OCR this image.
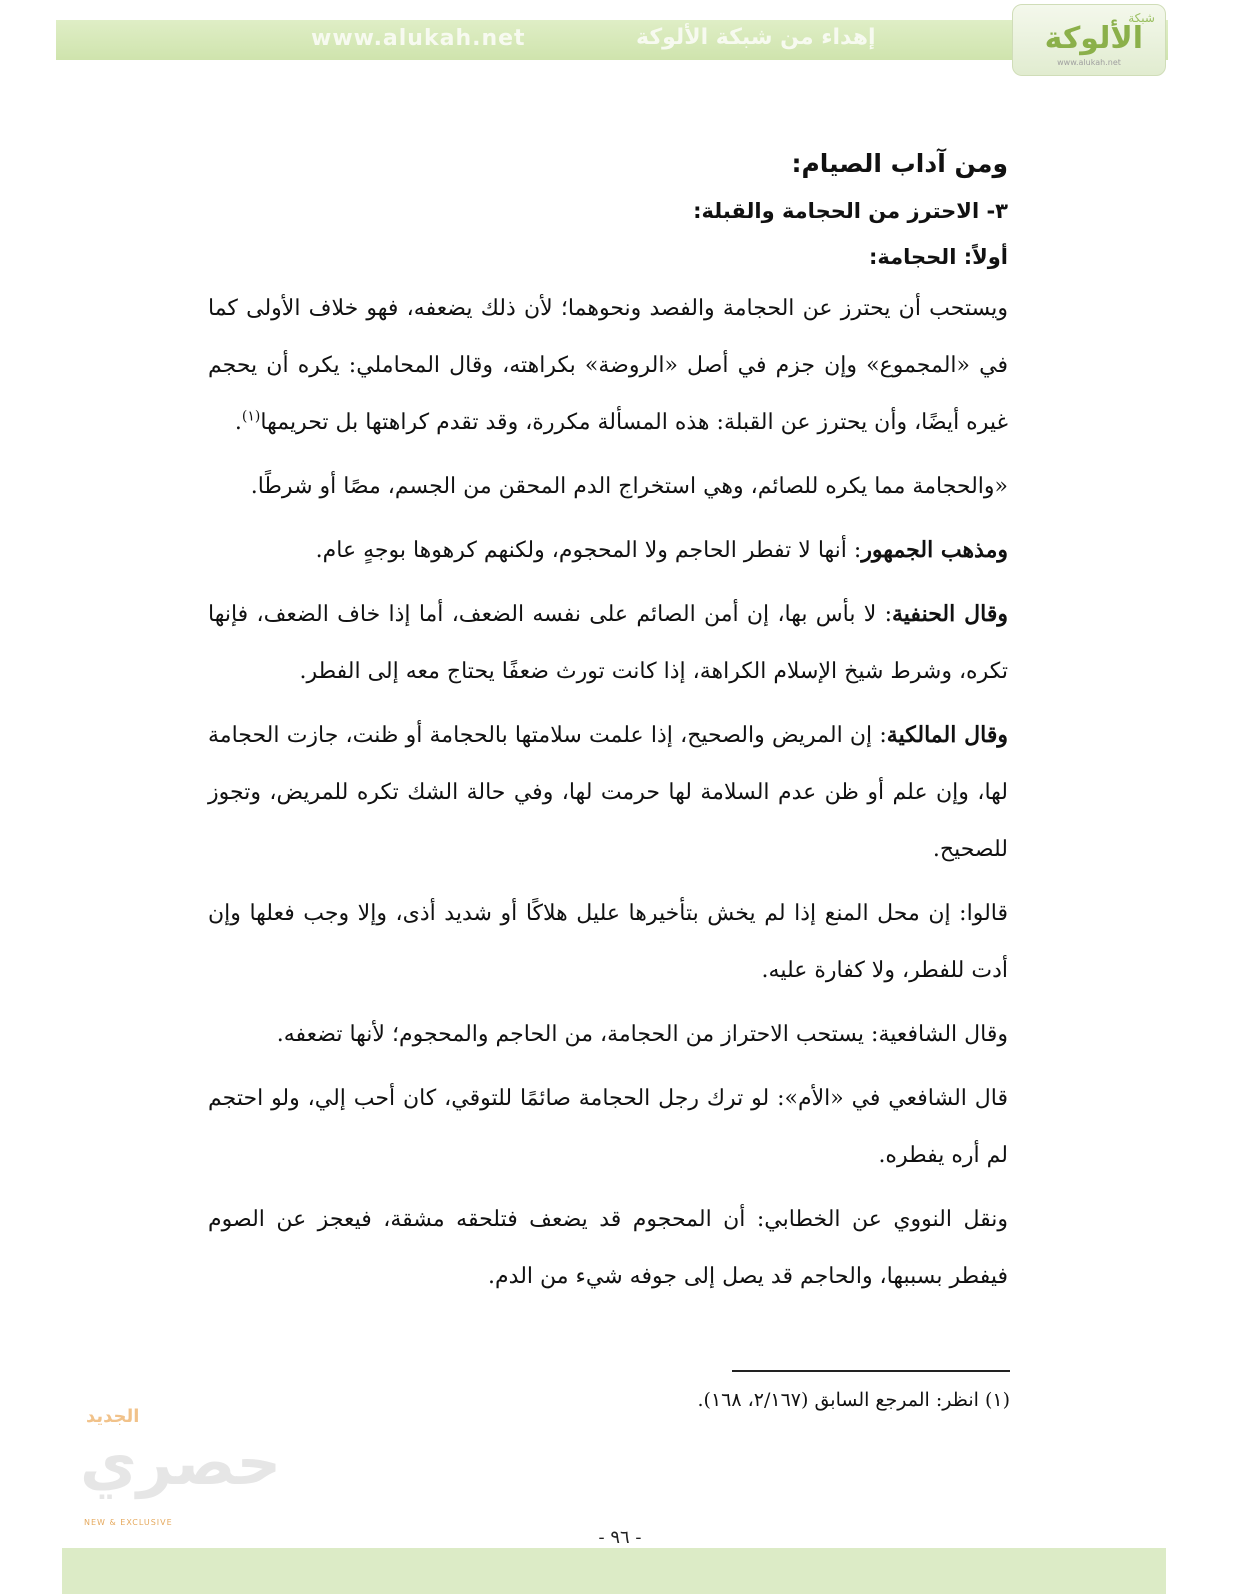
www.alukah.net	إهداء من شبكة الألوكة
شبكة
الألوكة
www.alukah.net
ومن آداب الصيام:
٣- الاحترز من الحجامة والقبلة:
أولاً: الحجامة:

ويستحب أن يحترز عن الحجامة والفصد ونحوهما؛ لأن ذلك يضعفه، فهو خلاف الأولى كما في «المجموع» وإن جزم في أصل «الروضة» بكراهته، وقال المحاملي: يكره أن يحجم غيره أيضًا، وأن يحترز عن القبلة: هذه المسألة مكررة، وقد تقدم كراهتها بل تحريمها$^{(١)}$.

«والحجامة مما يكره للصائم، وهي استخراج الدم المحقن من الجسم، مصًا أو شرطًا.

ومذهب الجمهور: أنها لا تفطر الحاجم ولا المحجوم، ولكنهم كرهوها بوجهٍ عام.

وقال الحنفية: لا بأس بها، إن أمن الصائم على نفسه الضعف، أما إذا خاف الضعف، فإنها تكره، وشرط شيخ الإسلام الكراهة، إذا كانت تورث ضعفًا يحتاج معه إلى الفطر.

وقال المالكية: إن المريض والصحيح، إذا علمت سلامتها بالحجامة أو ظنت، جازت الحجامة لها، وإن علم أو ظن عدم السلامة لها حرمت لها، وفي حالة الشك تكره للمريض، وتجوز للصحيح.

قالوا: إن محل المنع إذا لم يخش بتأخيرها عليل هلاكًا أو شديد أذى، وإلا وجب فعلها وإن أدت للفطر، ولا كفارة عليه.

وقال الشافعية: يستحب الاحتراز من الحجامة، من الحاجم والمحجوم؛ لأنها تضعفه.

قال الشافعي في «الأم»: لو ترك رجل الحجامة صائمًا للتوقي، كان أحب إلي، ولو احتجم لم أره يفطره.

ونقل النووي عن الخطابي: أن المحجوم قد يضعف فتلحقه مشقة، فيعجز عن الصوم فيفطر بسببها، والحاجم قد يصل إلى جوفه شيء من الدم.

(١) انظر: المرجع السابق (٢/١٦٧، ١٦٨).
الجديد
حصري
NEW & EXCLUSIVE
- ٩٦ -
